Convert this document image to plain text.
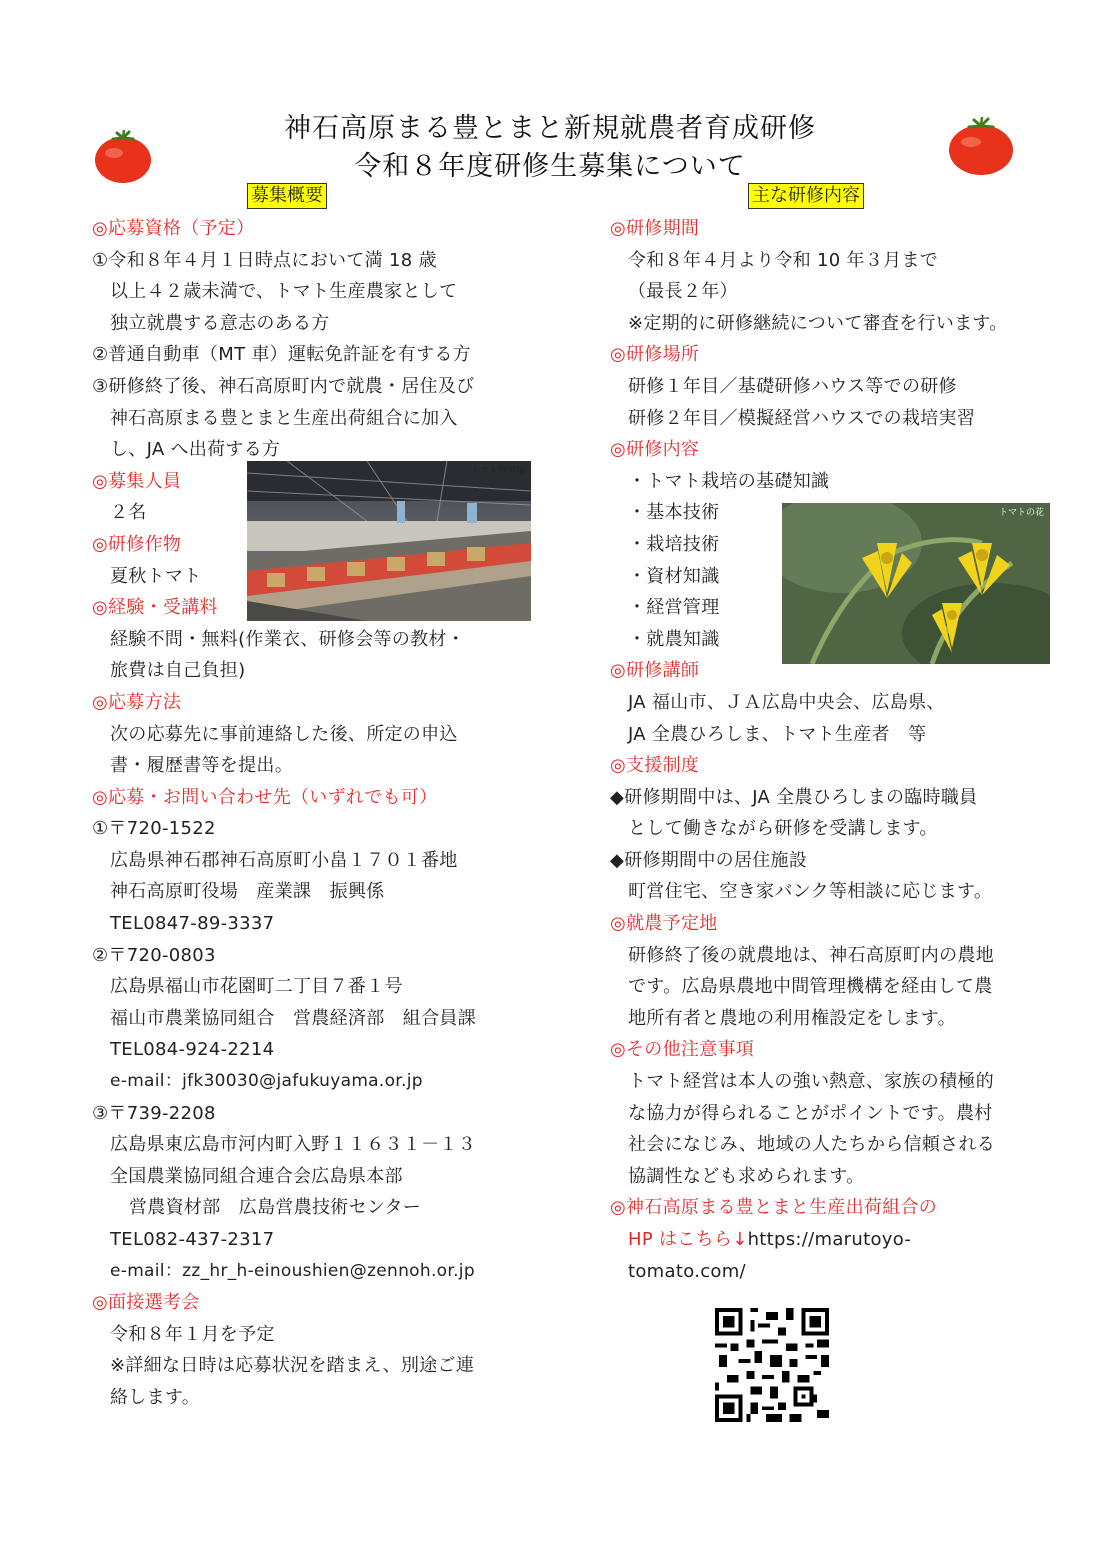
神石高原まる豊とまと新規就農者育成研修
令和８年度研修生募集について
募集概要	主な研修内容
◎応募資格（予定）
①令和８年４月１日時点において満 18 歳
以上４２歳未満で、トマト生産農家として
独立就農する意志のある方
②普通自動車（MT 車）運転免許証を有する方
③研修終了後、神石高原町内で就農・居住及び
神石高原まる豊とまと生産出荷組合に加入
し、JA へ出荷する方
◎募集人員
２名
◎研修作物
夏秋トマト
◎経験・受講料
経験不問・無料(作業衣、研修会等の教材・
旅費は自己負担)
◎応募方法
次の応募先に事前連絡した後、所定の申込
書・履歴書等を提出。
◎応募・お問い合わせ先（いずれでも可）
①〒720-1522
広島県神石郡神石高原町小畠１７０１番地
神石高原町役場　産業課　振興係
TEL0847-89-3337
②〒720-0803
広島県福山市花園町二丁目７番１号
福山市農業協同組合　営農経済部　組合員課
TEL084-924-2214
e-mail：jfk30030@jafukuyama.or.jp
③〒739-2208
広島県東広島市河内町入野１１６３１－１３
全国農業協同組合連合会広島県本部
営農資材部　広島営農技術センター
TEL082-437-2317
e-mail：zz_hr_h-einoushien@zennoh.or.jp
◎面接選考会
令和８年１月を予定
※詳細な日時は応募状況を踏まえ、別途ご連
絡します。
◎研修期間
令和８年４月より令和 10 年３月まで
（最長２年）
※定期的に研修継続について審査を行います。
◎研修場所
研修１年目／基礎研修ハウス等での研修
研修２年目／模擬経営ハウスでの栽培実習
◎研修内容
・トマト栽培の基礎知識
・基本技術
・栽培技術
・資材知識
・経営管理
・就農知識
◎研修講師
JA 福山市、ＪＡ広島中央会、広島県、
JA 全農ひろしま、トマト生産者　等
◎支援制度
◆研修期間中は、JA 全農ひろしまの臨時職員
として働きながら研修を受講します。
◆研修期間中の居住施設
町営住宅、空き家バンク等相談に応じます。
◎就農予定地
研修終了後の就農地は、神石高原町内の農地
です。広島県農地中間管理機構を経由して農
地所有者と農地の利用権設定をします。
◎その他注意事項
トマト経営は本人の強い熱意、家族の積極的
な協力が得られることがポイントです。農村
社会になじみ、地域の人たちから信頼される
協調性なども求められます。
◎神石高原まる豊とまと生産出荷組合の
HP はこちら↓https://marutoyo-
tomato.com/
トマト選果場
トマトの花
